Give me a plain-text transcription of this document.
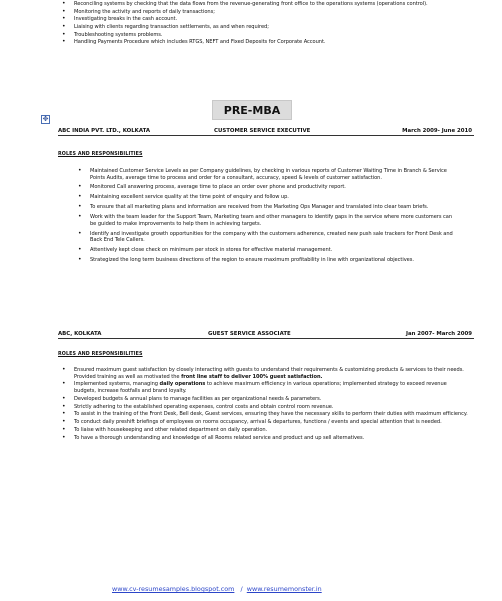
• Reconciling systems by checking that the data flows from the revenue-generating front office to the operations systems (operations control).
• Monitoring the activity and reports of daily transactions;
• Investigating breaks in the cash account.
• Liaising with clients regarding transaction settlements, as and when required;
• Troubleshooting systems problems.
• Handling Payments Procedure which includes RTGS, NEFT and Fixed Deposits for Corporate Account.
PRE-MBA
✥
ABC INDIA PVT. LTD., KOLKATA	CUSTOMER SERVICE EXECUTIVE	March 2009- June 2010
ROLES AND RESPONSIBILITIES
• Maintained Customer Service Levels as per Company guidelines, by checking in various reports of Customer Waiting Time in Branch & Service Points Audits, average time to process and order for a consultant, accuracy, speed & levels of customer satisfaction.
• Monitored Call answering process, average time to place an order over phone and productivity report.
• Maintaining excellent service quality at the time point of enquiry and follow up.
• To ensure that all marketing plans and information are received from the Marketing Ops Manager and translated into clear team briefs.
• Work with the team leader for the Support Team, Marketing team and other managers to identify gaps in the service where more customers can be guided to make improvements to help them in achieving targets.
• Identify and investigate growth opportunities for the company with the customers adherence, created new push sale trackers for Front Desk and Back End Tele Callers.
• Attentively kept close check on minimum per stock in stores for effective material management.
• Strategized the long term business directions of the region to ensure maximum profitability in line with organizational objectives.
ABC, KOLKATA	GUEST SERVICE ASSOCIATE	Jan 2007- March 2009
ROLES AND RESPONSIBILITIES
• Ensured maximum guest satisfaction by closely interacting with guests to understand their requirements & customizing products & services to their needs. Provided training as well as motivated the front line staff to deliver 100% guest satisfaction.
• Implemented systems, managing daily operations to achieve maximum efficiency in various operations; implemented strategy to exceed revenue budgets, increase footfalls and brand loyalty.
• Developed budgets & annual plans to manage facilities as per organizational needs & parameters.
• Strictly adhering to the established operating expenses, control costs and obtain control room revenue.
• To assist in the training of the Front Desk, Bell desk, Guest services, ensuring they have the necessary skills to perform their duties with maximum efficiency.
• To conduct daily preshift briefings of employees on rooms occupancy, arrival & departures, functions / events and special attention that is needed.
• To liaise with housekeeping and other related department on daily operation.
• To have a thorough understanding and knowledge of all Rooms related service and product and up sell alternatives.
www.cv-resumesamples.blogspot.com / www.resumemonster.in
